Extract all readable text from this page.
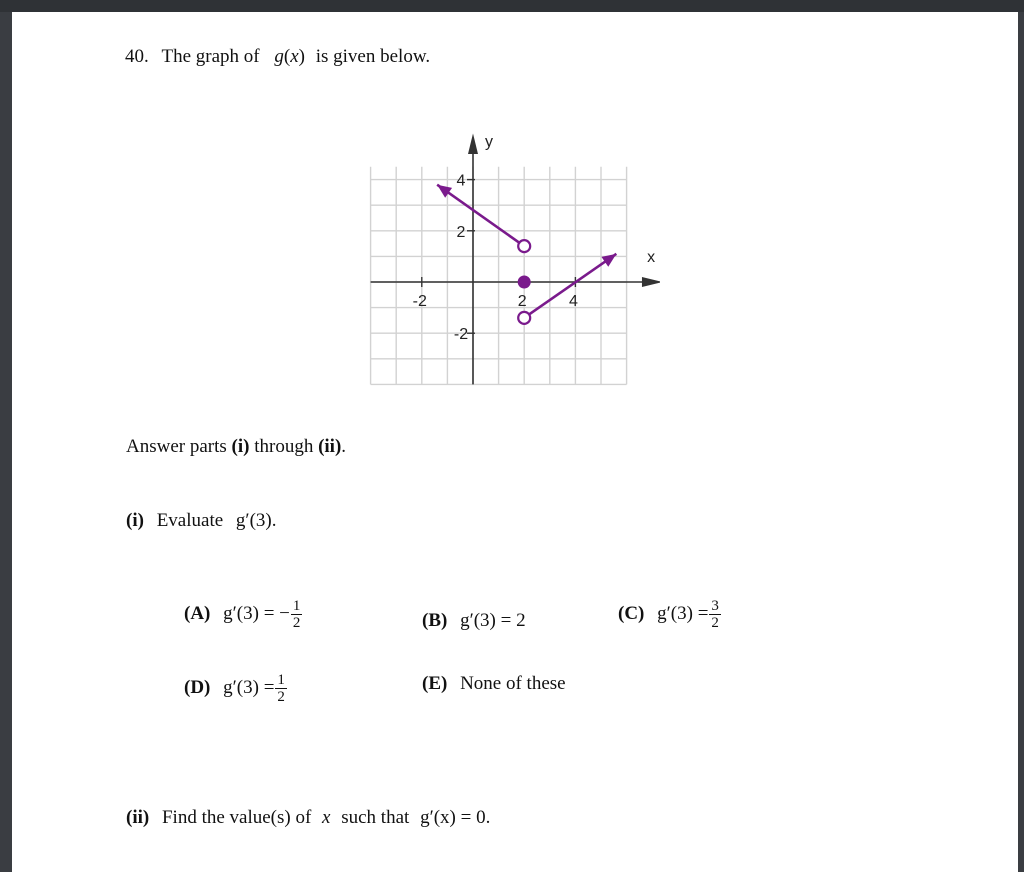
40. The graph of g(x) is given below.
-2	2	4
4
2
-2
x
y
Answer parts (i) through (ii).
(i) Evaluate g′(3).
(A) g′(3) = − $\frac{1}{2}$	(B) g′(3) = 2	(C) $g'(3) = \frac{3}{2}$
(D) $g'(3) = \frac{1}{2}$	(E) None of these
(ii) Find the value(s) of x such that g′(x) = 0.
